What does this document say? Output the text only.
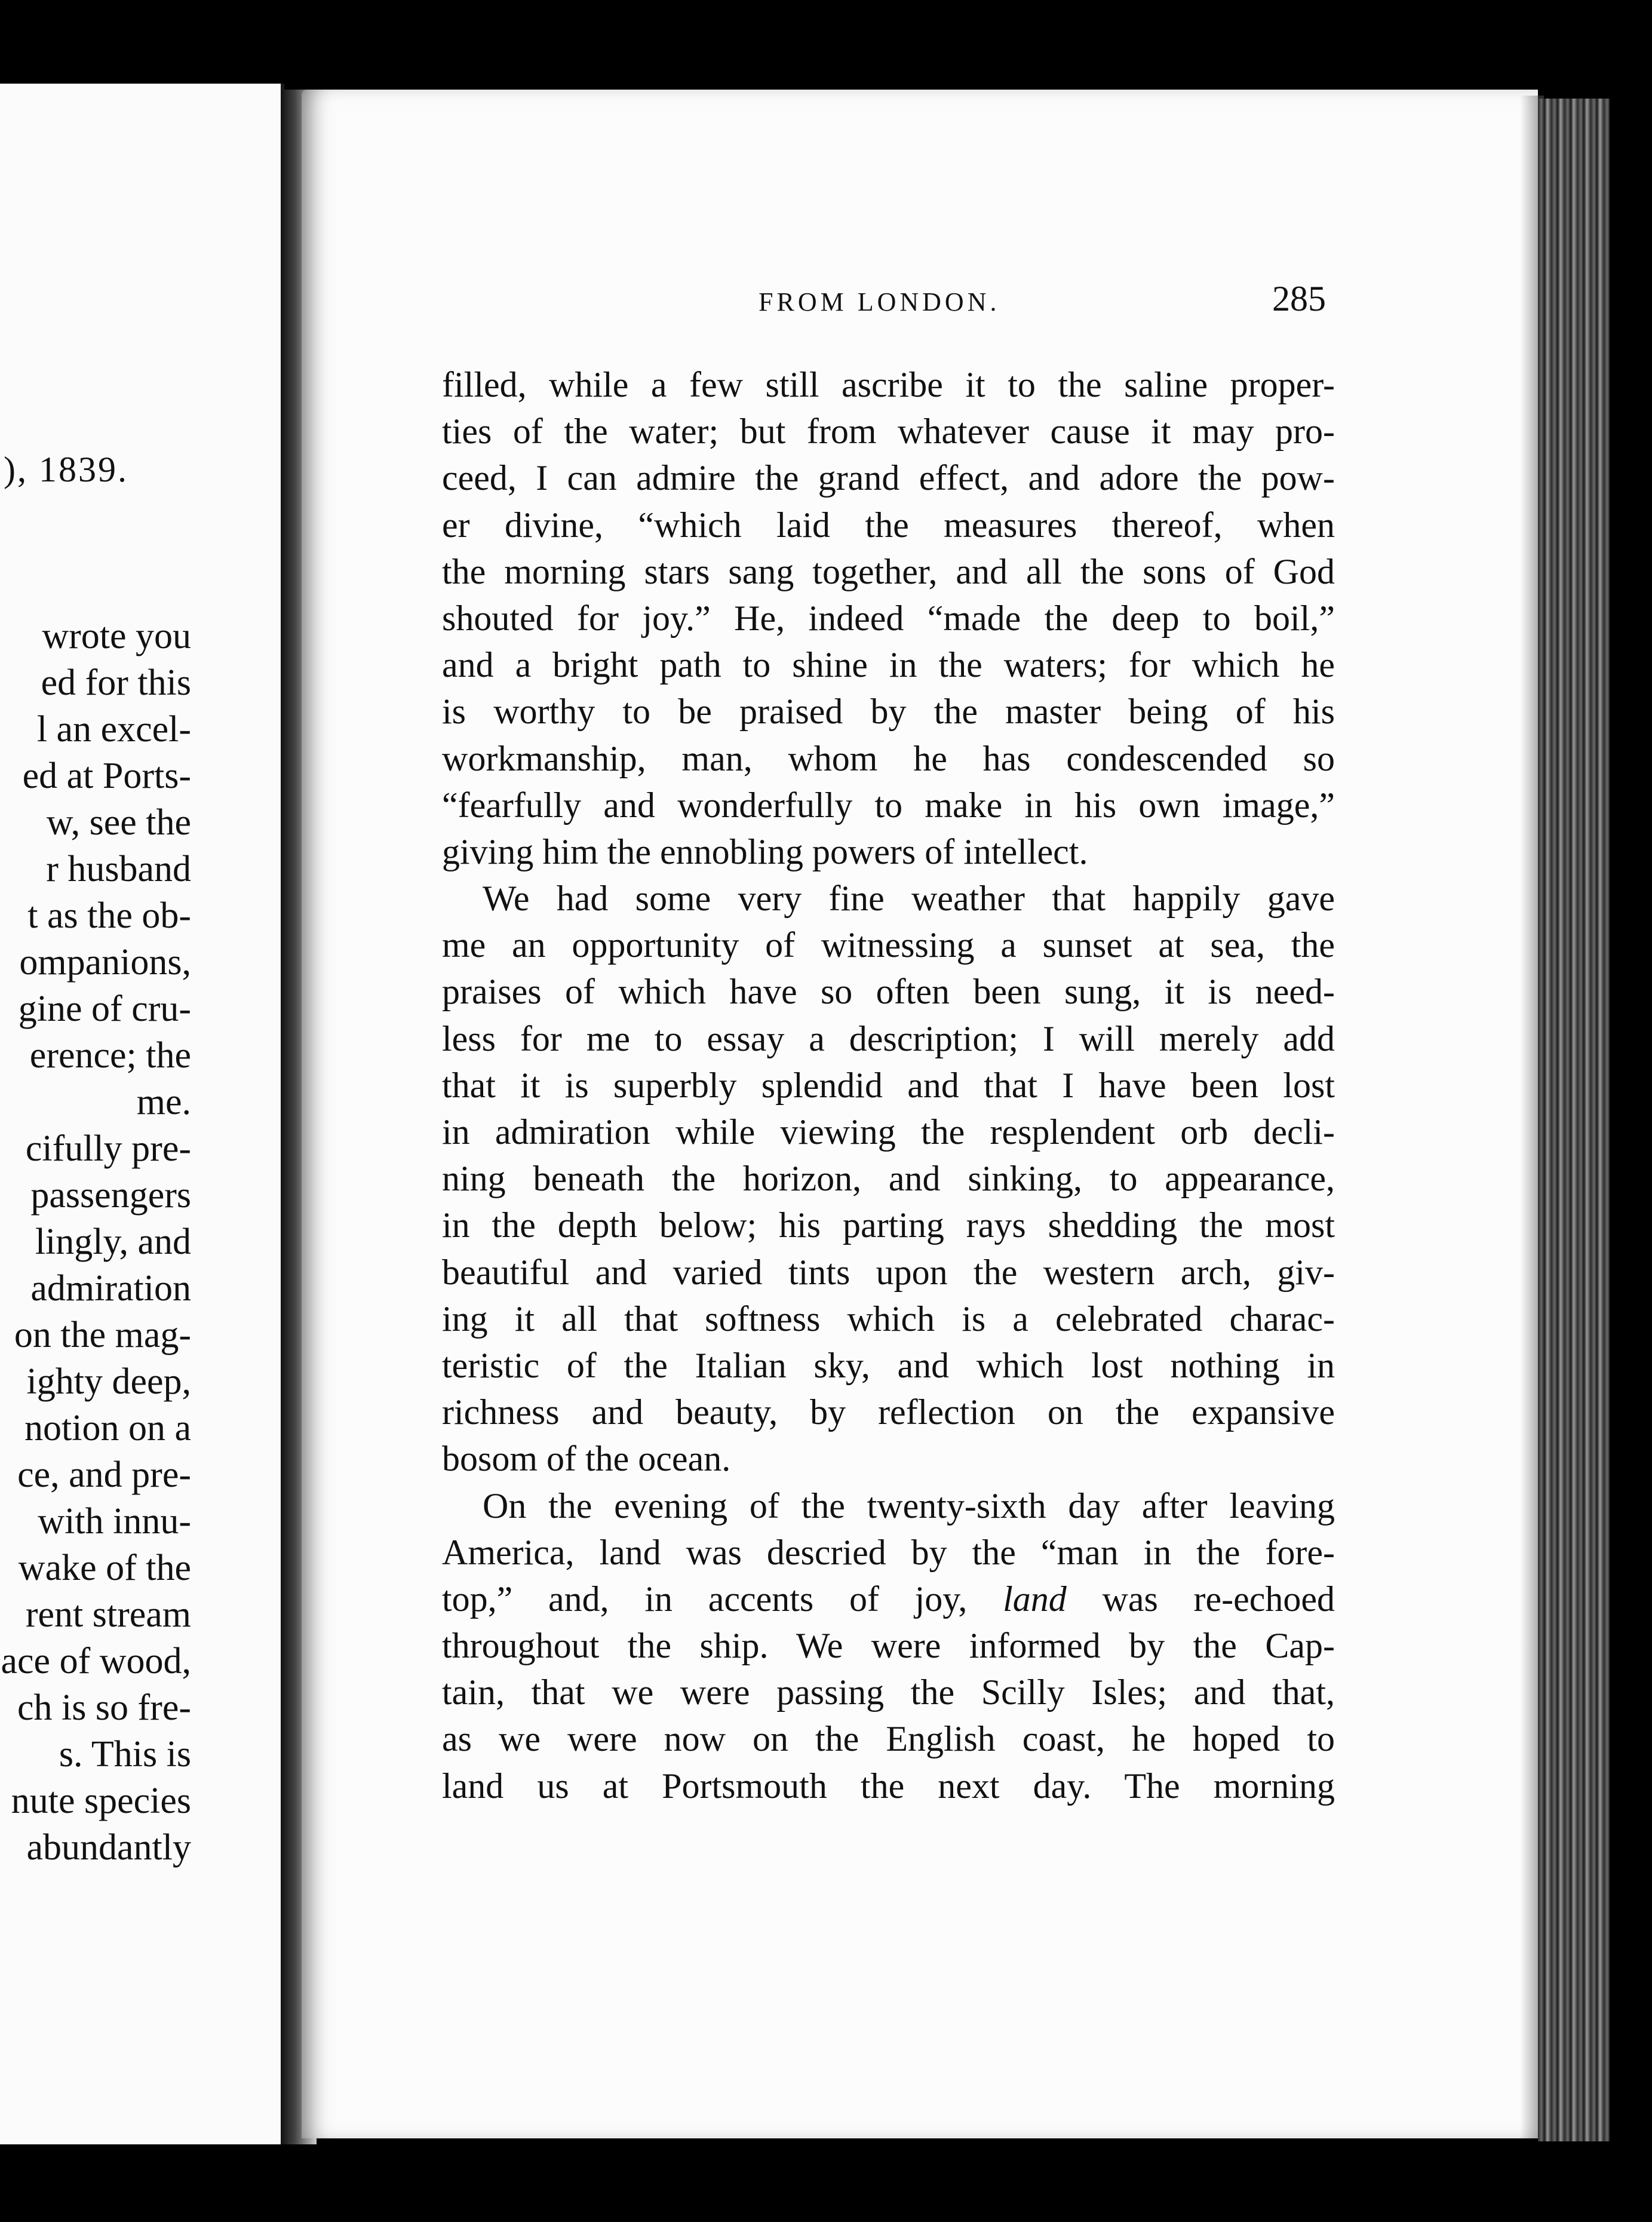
), 1839.
wrote you
ed for this
l an excel-
ed at Ports-
w, see the
r husband
t as the ob-
ompanions,
gine of cru-
erence; the
me.
cifully pre-
passengers
lingly, and
admiration
on the mag-
ighty deep,
notion on a
ce, and pre-
with innu-
wake of the
rent stream
ace of wood,
ch is so fre-
s. This is
nute species
abundantly
FROM LONDON.	285
filled, while a few still ascribe it to the saline proper-
ties of the water; but from whatever cause it may pro-
ceed, I can admire the grand effect, and adore the pow-
er divine, “which laid the measures thereof, when
the morning stars sang together, and all the sons of God
shouted for joy.” He, indeed “made the deep to boil,”
and a bright path to shine in the waters; for which he
is worthy to be praised by the master being of his
workmanship, man, whom he has condescended so
“fearfully and wonderfully to make in his own image,”
giving him the ennobling powers of intellect.
We had some very fine weather that happily gave
me an opportunity of witnessing a sunset at sea, the
praises of which have so often been sung, it is need-
less for me to essay a description; I will merely add
that it is superbly splendid and that I have been lost
in admiration while viewing the resplendent orb decli-
ning beneath the horizon, and sinking, to appearance,
in the depth below; his parting rays shedding the most
beautiful and varied tints upon the western arch, giv-
ing it all that softness which is a celebrated charac-
teristic of the Italian sky, and which lost nothing in
richness and beauty, by reflection on the expansive
bosom of the ocean.
On the evening of the twenty-sixth day after leaving
America, land was descried by the “man in the fore-
top,” and, in accents of joy, land was re-echoed
throughout the ship. We were informed by the Cap-
tain, that we were passing the Scilly Isles; and that,
as we were now on the English coast, he hoped to
land us at Portsmouth the next day. The morning
